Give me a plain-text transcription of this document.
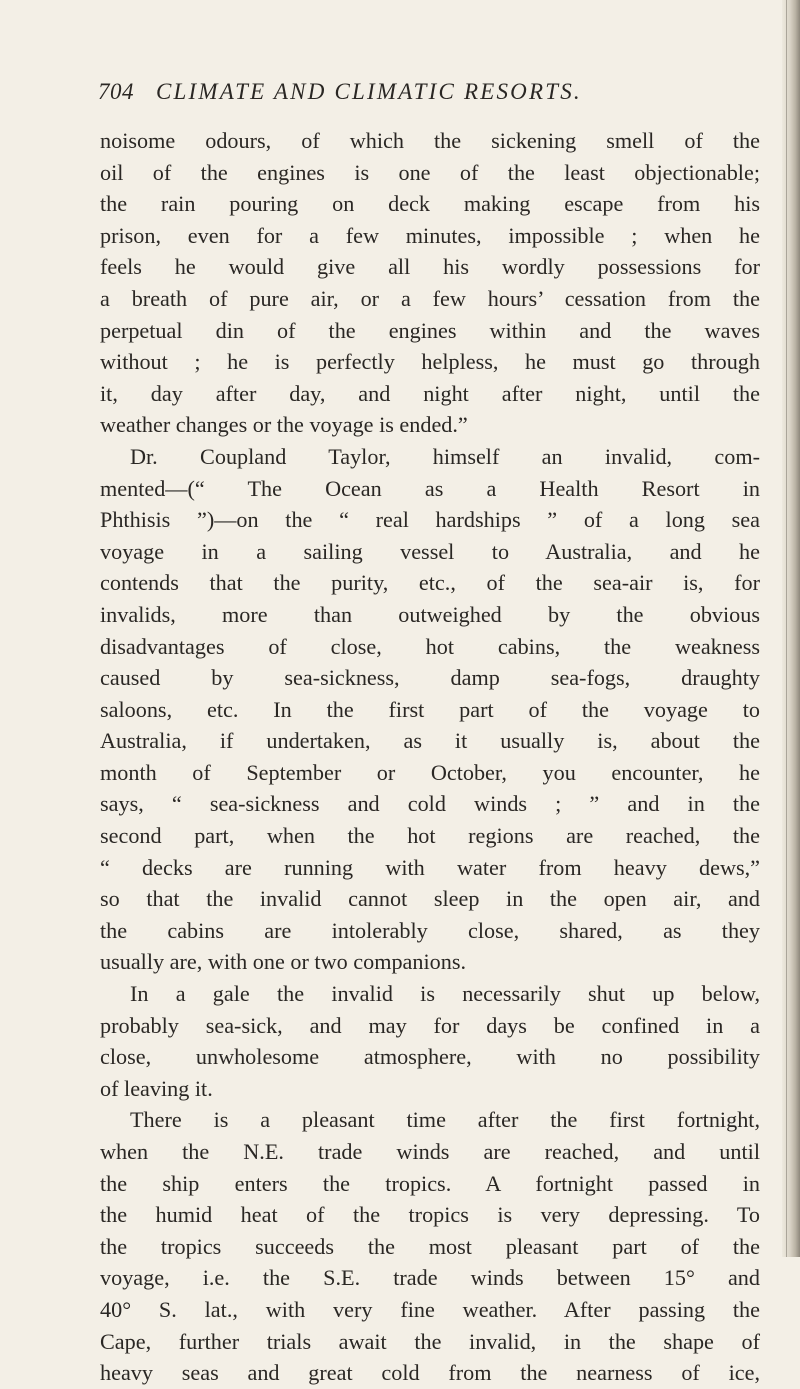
704 CLIMATE AND CLIMATIC RESORTS.
noisome odours, of which the sickening smell of the
oil of the engines is one of the least objectionable;
the rain pouring on deck making escape from his
prison, even for a few minutes, impossible ; when he
feels he would give all his wordly possessions for
a breath of pure air, or a few hours’ cessation from the
perpetual din of the engines within and the waves
without ; he is perfectly helpless, he must go through
it, day after day, and night after night, until the
weather changes or the voyage is ended.”
Dr. Coupland Taylor, himself an invalid, com-
mented—(“ The Ocean as a Health Resort in
Phthisis ”)—on the “ real hardships ” of a long sea
voyage in a sailing vessel to Australia, and he
contends that the purity, etc., of the sea-air is, for
invalids, more than outweighed by the obvious
disadvantages of close, hot cabins, the weakness
caused by sea-sickness, damp sea-fogs, draughty
saloons, etc. In the first part of the voyage to
Australia, if undertaken, as it usually is, about the
month of September or October, you encounter, he
says, “ sea-sickness and cold winds ; ” and in the
second part, when the hot regions are reached, the
“ decks are running with water from heavy dews,”
so that the invalid cannot sleep in the open air, and
the cabins are intolerably close, shared, as they
usually are, with one or two companions.
In a gale the invalid is necessarily shut up below,
probably sea-sick, and may for days be confined in a
close, unwholesome atmosphere, with no possibility
of leaving it.
There is a pleasant time after the first fortnight,
when the N.E. trade winds are reached, and until
the ship enters the tropics. A fortnight passed in
the humid heat of the tropics is very depressing. To
the tropics succeeds the most pleasant part of the
voyage, i.e. the S.E. trade winds between 15° and
40° S. lat., with very fine weather. After passing the
Cape, further trials await the invalid, in the shape of
heavy seas and great cold from the nearness of ice,
